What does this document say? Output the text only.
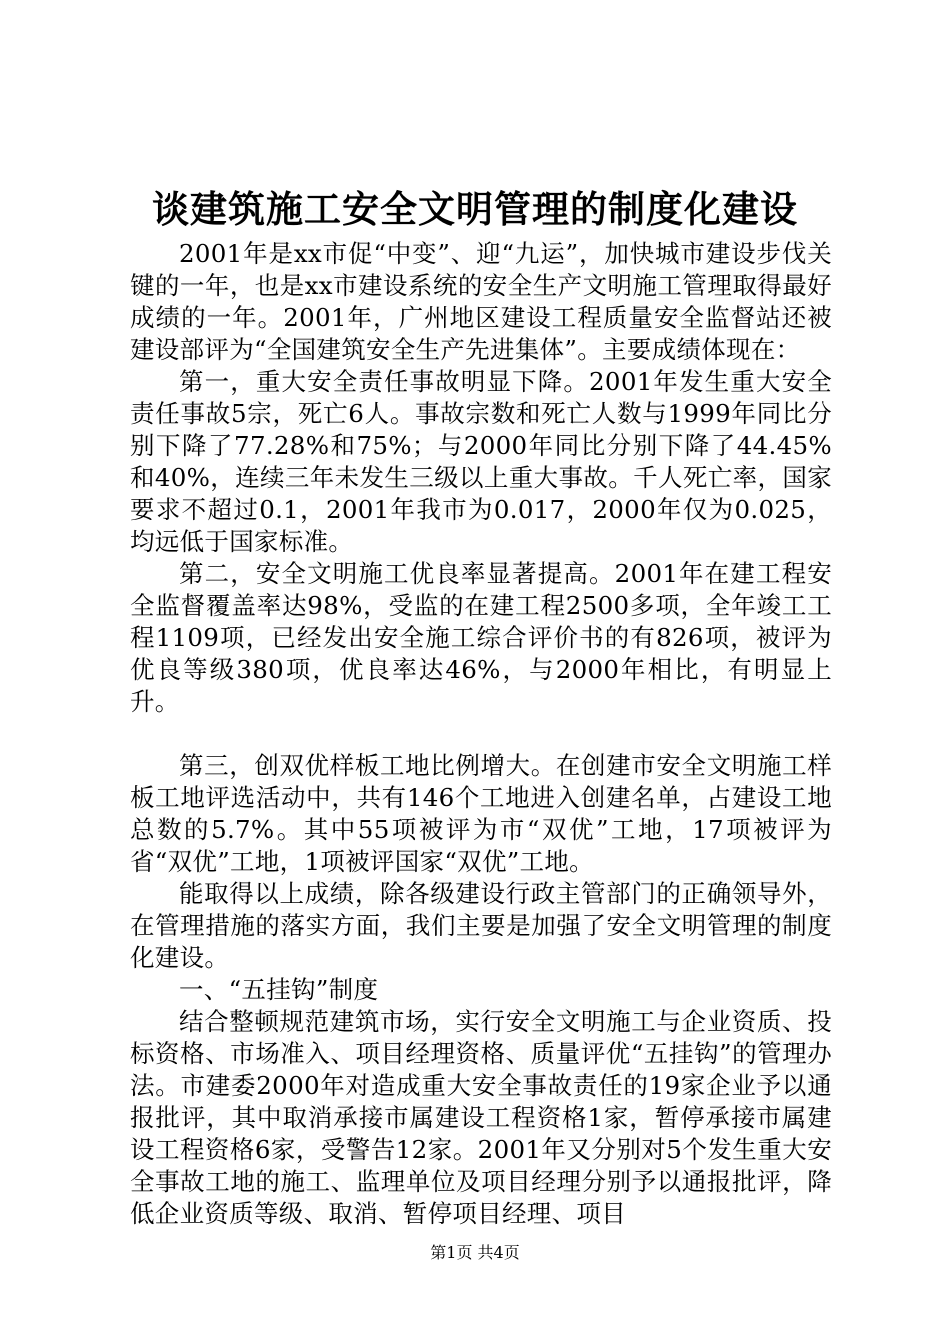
谈建筑施工安全文明管理的制度化建设

2001年是xx市促“中变”、迎“九运”，加快城市建设步伐关键的一年，也是xx市建设系统的安全生产文明施工管理取得最好成绩的一年。2001年，广州地区建设工程质量安全监督站还被建设部评为“全国建筑安全生产先进集体”。主要成绩体现在：

第一，重大安全责任事故明显下降。2001年发生重大安全责任事故5宗，死亡6人。事故宗数和死亡人数与1999年同比分别下降了77.28%和75%；与2000年同比分别下降了44.45%和40%，连续三年未发生三级以上重大事故。千人死亡率，国家要求不超过0.1，2001年我市为0.017，2000年仅为0.025，均远低于国家标准。

第二，安全文明施工优良率显著提高。2001年在建工程安全监督覆盖率达98%，受监的在建工程2500多项，全年竣工工程1109项，已经发出安全施工综合评价书的有826项，被评为优良等级380项，优良率达46%，与2000年相比，有明显上升。

第三，创双优样板工地比例增大。在创建市安全文明施工样板工地评选活动中，共有146个工地进入创建名单，占建设工地总数的5.7%。其中55项被评为市“双优”工地，17项被评为省“双优”工地，1项被评国家“双优”工地。

能取得以上成绩，除各级建设行政主管部门的正确领导外，在管理措施的落实方面，我们主要是加强了安全文明管理的制度化建设。

一、“五挂钩”制度

结合整顿规范建筑市场，实行安全文明施工与企业资质、投标资格、市场准入、项目经理资格、质量评优“五挂钩”的管理办法。市建委2000年对造成重大安全事故责任的19家企业予以通报批评，其中取消承接市属建设工程资格1家，暂停承接市属建设工程资格6家，受警告12家。2001年又分别对5个发生重大安全事故工地的施工、监理单位及项目经理分别予以通报批评，降低企业资质等级、取消、暂停项目经理、项目

第1页 共4页
